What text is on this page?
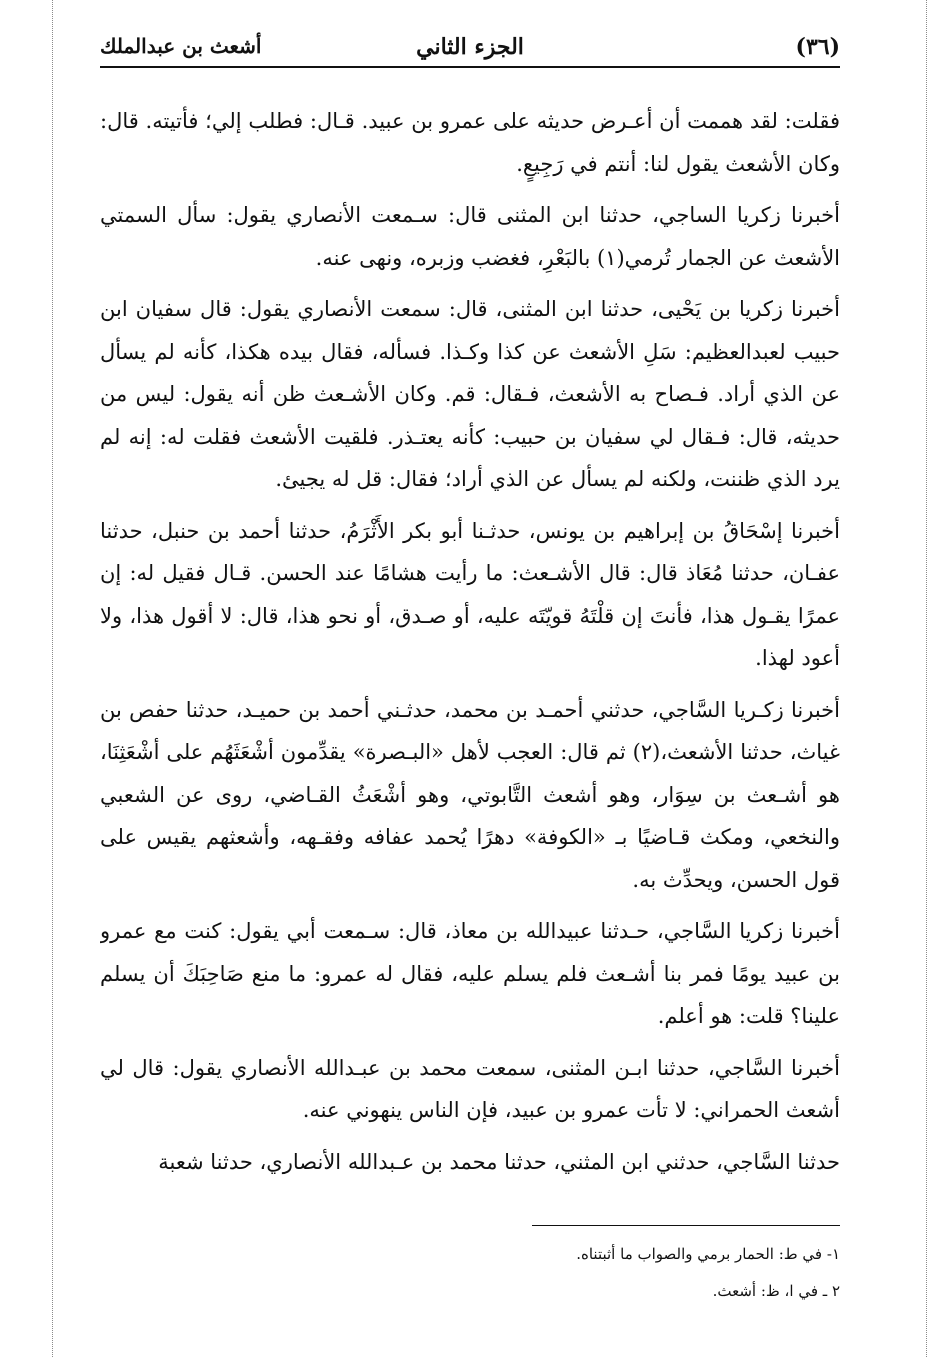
(٣٦)
الجزء الثاني
أشعث بن عبدالملك

فقلت: لقد هممت أن أعـرض حديثه على عمرو بن عبيد. قـال: فطلب إلي؛ فأتيته. قال: وكان الأشعث يقول لنا: أنتم في رَجِيعٍ.

أخبرنا زكريا الساجي، حدثنا ابن المثنى قال: سـمعت الأنصاري يقول: سأل السمتي الأشعث عن الجمار تُرمي(١) بالبَعْرِ، فغضب وزبره، ونهى عنه.

أخبرنا زكريا بن يَحْيى، حدثنا ابن المثنى، قال: سمعت الأنصاري يقول: قال سفيان ابن حبيب لعبدالعظيم: سَلِ الأشعث عن كذا وكـذا. فسأله، فقال بيده هكذا، كأنه لم يسأل عن الذي أراد. فـصاح به الأشعث، فـقال: قم. وكان الأشـعث ظن أنه يقول: ليس من حديثه، قال: فـقال لي سفيان بن حبيب: كأنه يعتـذر. فلقيت الأشعث فقلت له: إنه لم يرد الذي ظننت، ولكنه لم يسأل عن الذي أراد؛ فقال: قل له يجيئ.

أخبرنا إسْحَاقُ بن إبراهيم بن يونس، حدثـنا أبو بكر الأَثْرَمُ، حدثنا أحمد بن حنبل، حدثنا عفـان، حدثنا مُعَاذ قال: قال الأشـعث: ما رأيت هشامًا عند الحسن. قـال فقيل له: إن عمرًا يقـول هذا، فأنتَ إن قلْتَهُ قويّتَه عليه، أو صـدق، أو نحو هذا، قال: لا أقول هذا، ولا أعود لهذا.

أخبرنا زكـريا السَّاجي، حدثني أحمـد بن محمد، حدثـني أحمد بن حميـد، حدثنا حفص بن غياث، حدثنا الأشعث،(٢) ثم قال: العجب لأهل «البـصرة» يقدِّمون أشْعَثَهُم على أشْعَثِنَا، هو أشـعث بن سِوَار، وهو أشعث التَّابوتي، وهو أشْعَثُ القـاضي، روى عن الشعبي والنخعي، ومكث قـاضيًا بـ «الكوفة» دهرًا يُحمد عفافه وفقـهه، وأشعثهم يقيس على قول الحسن، ويحدِّث به.

أخبرنا زكريا السَّاجي، حـدثنا عبيدالله بن معاذ، قال: سـمعت أبي يقول: كنت مع عمرو بن عبيد يومًا فمر بنا أشـعث فلم يسلم عليه، فقال له عمرو: ما منع صَاحِبَكَ أن يسلم علينا؟ قلت: هو أعلم.

أخبرنا السَّاجي، حدثنا ابـن المثنى، سمعت محمد بن عبـدالله الأنصاري يقول: قال لي أشعث الحمراني: لا تأت عمرو بن عبيد، فإن الناس ينهوني عنه.

حدثنا السَّاجي، حدثني ابن المثني، حدثنا محمد بن عـبدالله الأنصاري، حدثنا شعبة

١- في ط: الحمار برمي والصواب ما أثبتناه.

٢ ـ في ا، ظ: أشعث.
